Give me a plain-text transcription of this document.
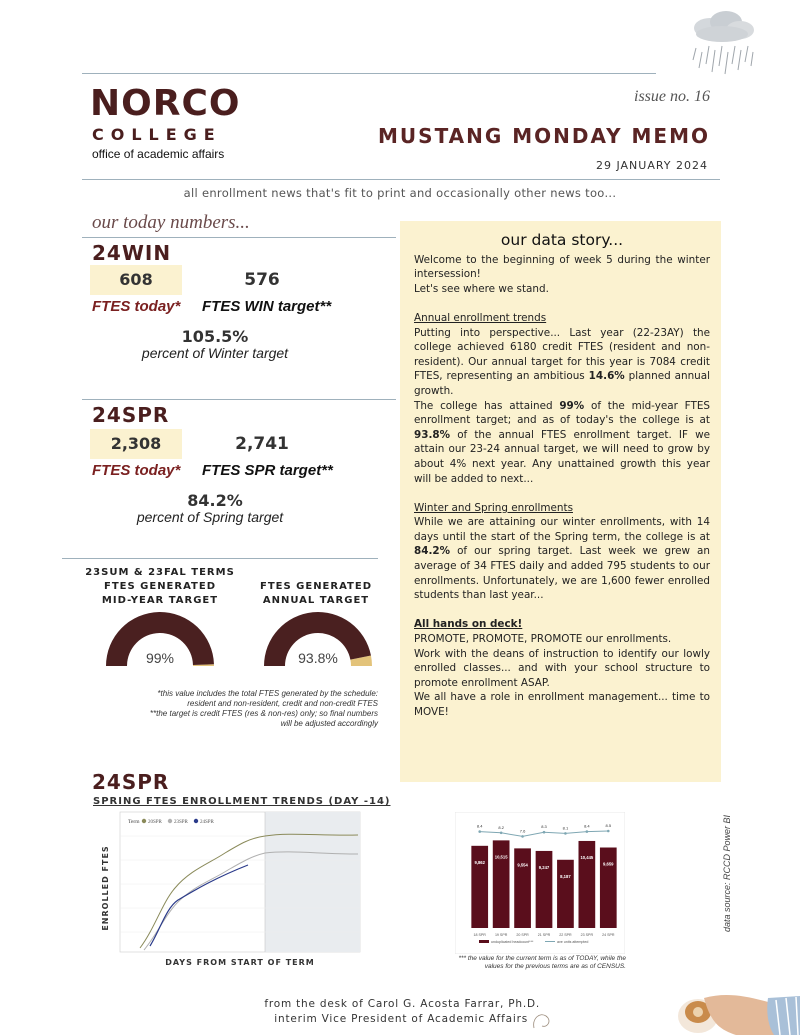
NORCO
COLLEGE
office of academic affairs
issue no. 16
MUSTANG MONDAY MEMO
29 JANUARY 2024
all enrollment news that's fit to print and occasionally other news too...
our today numbers...
24WIN
608	576
FTES today* FTES WIN target**
105.5%
percent of Winter target
24SPR
2,308	2,741
FTES today* FTES SPR target**
84.2%
percent of Spring target
23SUM & 23FAL TERMS
FTES GENERATED
MID-YEAR TARGET
FTES GENERATED
ANNUAL TARGET
99%	93.8%
*this value includes the total FTES generated by the schedule:
resident and non-resident, credit and non-credit FTES
**the target is credit FTES (res & non-res) only; so final numbers
will be adjusted accordingly
our data story...

Welcome to the beginning of week 5 during the winter intersession!

Let's see where we stand.

Annual enrollment trends

Putting into perspective... Last year (22-23AY) the college achieved 6180 credit FTES (resident and non-resident). Our annual target for this year is 7084 credit FTES, representing an ambitious 14.6% planned annual growth.

The college has attained 99% of the mid-year FTES enrollment target; and as of today's the college is at 93.8% of the annual FTES enrollment target. IF we attain our 23-24 annual target, we will need to grow by about 4% next year. Any unattained growth this year will be added to next...

Winter and Spring enrollments

While we are attaining our winter enrollments, with 14 days until the start of the Spring term, the college is at 84.2% of our spring target. Last week we grew an average of 34 FTES daily and added 795 students to our enrollments. Unfortunately, we are 1,600 fewer enrolled students than last year...

All hands on deck!

PROMOTE, PROMOTE, PROMOTE our enrollments.

Work with the deans of instruction to identify our lowly enrolled classes... and with your school structure to promote enrollment ASAP.

We all have a role in enrollment management... time to MOVE!

data source: RCCD Power BI
24SPR
SPRING FTES ENROLLMENT TRENDS (DAY -14)
Term 20SPR 23SPR 24SPR
ENROLLED FTES
DAYS FROM START OF TERM
9,862
10,515
9,554
9,247
8,187
10,445
9,659
18 SPR	19 SPR	20 SPR	21 SPR	22 SPR	23 SPR	24 SPR
8.4	8.2
7.6
8.3	8.1	8.4	8.5
unduplicated headcount***	ave units attempted
*** the value for the current term is as of TODAY, while the
values for the previous terms are as of CENSUS.
from the desk of Carol G. Acosta Farrar, Ph.D.
interim Vice President of Academic Affairs
